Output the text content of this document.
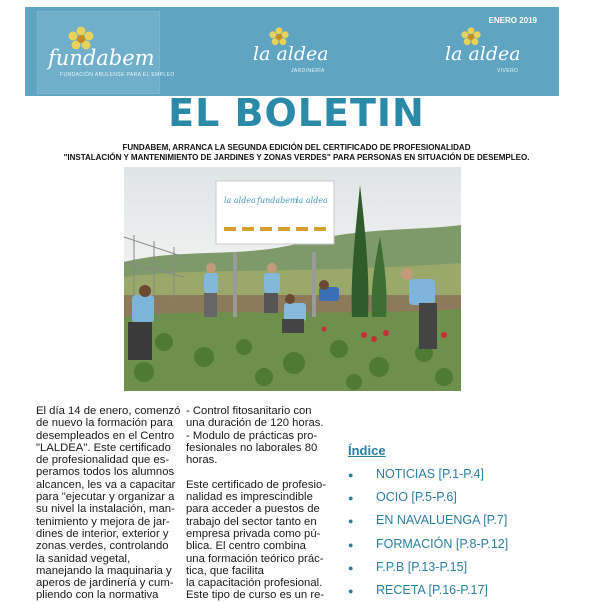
fundabem
FUNDACIÓN ABULENSE PARA EL EMPLEO
la aldea
JARDINERÍA
la aldea
VIVERO
ENERO 2019
EL BOLETIN
FUNDABEM, ARRANCA LA SEGUNDA EDICIÓN DEL CERTIFICADO DE PROFESIONALIDAD
"INSTALACIÓN Y MANTENIMIENTO DE JARDINES Y ZONAS VERDES" PARA PERSONAS EN SITUACIÓN DE DESEMPLEO.
la aldea fundabem
la aldea

El día 14 de enero, comenzó

de nuevo la formación para

desempleados en el Centro

"LALDEA". Este certificado

de profesionalidad que es-

peramos todos los alumnos

alcancen, les va a capacitar

para "ejecutar y organizar a

su nivel la instalación, man-

tenimiento y mejora de jar-

dines de interior, exterior y

zonas verdes, controlando

la sanidad vegetal,

manejando la maquinaria y

aperos de jardinería y cum-

pliendo con la normativa

- Control fitosanitario con

una duración de 120 horas.

- Modulo de prácticas pro-

fesionales no laborales 80

horas.

Este certificado de profesio-

nalidad es imprescindible

para acceder a puestos de

trabajo del sector tanto en

empresa privada como pú-

blica. El centro combina

una formación teórico prác-

tica, que facilita

la capacitación profesional.

Este tipo de curso es un re-

Índice
● NOTICIAS [P.1-P.4]
● OCIO [P.5-P.6]
● EN NAVALUENGA [P.7]
● FORMACIÓN [P.8-P.12]
● F.P.B [P.13-P.15]
● RECETA [P.16-P.17]
